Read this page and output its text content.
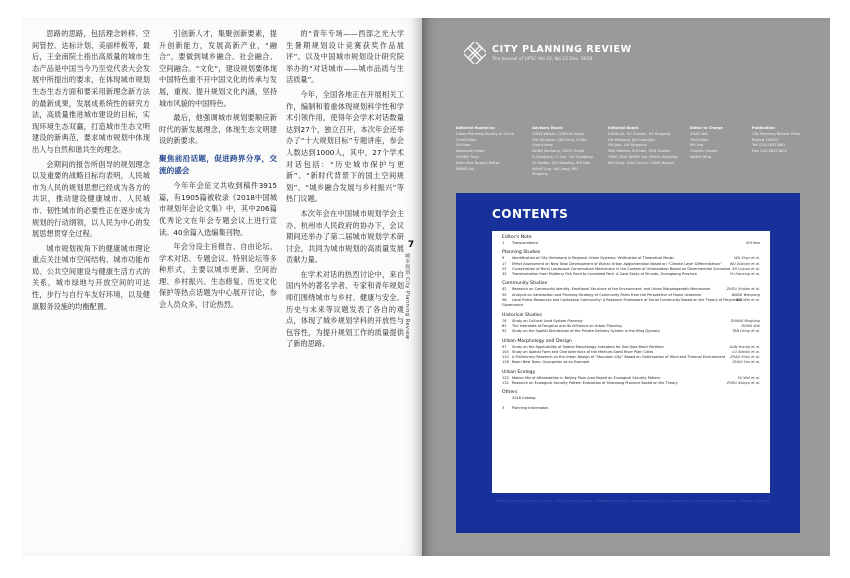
思路的思路，包括理念转移、空间管控、达标计划、美丽样板等，最后，王金南院士指出高质量的城市生态产品是中国当今乃至党代表大会发展中所提出的要求，在体现城市规划生态生态方面和要采用新理念新方法的最新成果，发展成系统性的研究方法，高质量推进城市建设的目标，实现环境生态双赢，打造城市生态文明建设的新典范，要求城市规划中体现出人与自然和谐共生的理念。

会期间的报告所倡导的规划理念以及重要的战略目标均表明，人民城市为人民的规划思想已经成为各方的共识，推动建设健康城市、人民城市、韧性城市的必要性正在逐步成为规划的行动纲领，以人民为中心的发展思想贯穿全过程。

城市规划视角下的健康城市理论重点关注城市空间结构、城市功能布局、公共空间建设与健康生活方式的关系，城市绿地与开放空间的可达性，步行与自行车友好环境，以及健康服务设施的均衡配置。

引创新人才，集聚创新要素，提升创新能力，发展高新产业，“融合”，要做到城乡融合、社会融合、空间融合。“文化”，建设规划要体现中国特色重不开中国文化的传承与发展，重视、提升规划文化内涵，坚持城市风貌的中国特色。

最后，他强调城市规划要顺应新时代的新发展理念，体现生态文明建设的新要求。

聚焦前沿话题，促进跨界分享，交流的盛会

今年年会征文共收到稿件3915篇，有1905篇被收录《2018中国城市规划年会论文集》中，其中206篇优秀论文在年会专题会议上进行宣读。40余篇入选编集刊物。

年会分设主旨报告、自由论坛、学术对话、专题会议、特别论坛等多种形式，主要以城市更新、空间治理、乡村振兴、生态修复、历史文化保护等热点话题为中心展开讨论，参会人员众多，讨论热烈。

的“青年专场——西部之光大学生暑期规划设计竞赛获奖作品展评”，以及中国城市规划设计研究院举办的“对话城市——城市品质与生活质量”。

今年，全国各地正在开展相关工作，编制和着重体现规划科学性和学术引领作用，使得年会学术对话数量达到27个，独立召开，本次年会还举办了“十大规划目标”专题讲座，参会人数达到1000人，其中，27个学术对话包括：“历史城市保护与更新”、“新时代背景下的国土空间规划”、“城乡融合发展与乡村振兴”等热门议题。

本次年会在中国城市规划学会主办、杭州市人民政府的协办下，会议期间还举办了第二届城市规划学术研讨会，共同为城市规划的高质量发展贡献力量。

在学术对话的热烈讨论中，来自国内外的著名学者、专家和青年规划师们围绕城市与乡村、健康与安全、历史与未来等议题发表了各自的观点，体现了城乡规划学科的开放性与包容性，为提升规划工作的质量提供了新的思路。

7
城市规划 City Planning Review
CITY PLANNING REVIEW
The Journal of UPSC Vol.42, No.12 Dec. 2018
Editorial Hosted by
Urban Planning Society of China
Chief Editor
SHI Nan
Associate Editor
ZHANG Tong
Executive Deputy Editor
WANG Kai
Advisory Board
CHEN Weixin, CHEN Xiuhong
CUI Gonghao, DAI Feng, DONG Guancheng
DONG Jianhong, GENG Yunjie
LI Xiaojiang, LI Xun, LIU Guoqiang
LU Dadao, QIU Baoxing, SHI Nan
WANG Jing, WU Jiang, WU Zhiqiang
Editorial Board
DUAN Jin, GU Chaolin, HE Xingxing
HU Weiliang, JIN Guangjun
LIN Jian, LIU Ningning
PAN Haixiao, SHI Nan, SUN Shiwen
TANG Zilai, WANG Kai, WANG Xingping
WU Kang, XIAO Jianxin, YANG Baojun
Editor in Charge
ZHAO Wei
Text Editor
MA Jing
Graphic Design
WANG Ming
Publication
City Planning Review Press
Beijing 100037
Tel: 010-58323861
Fax: 010-58323802
CONTENTS
Editor's Note
1 Transcendence	SHI Nan
Planning Studies
9 Identification of City Hinterland in Regional Urban Systems: Verification of Theoretical Model	WU Xinyi et al.
17 Effect Assessment on New Town Development of Wuhan Urban Agglomeration Based on “Climate Layer Differentiation” WU Xiaoqin et al.
25 Conservation of Rural Landscape Conservation Mechanism in the Context of Urbanization Based on Governmental Scenarios XU Liquan et al.
32 Transformation from Mulberry Fish Pond to Inundated Park: A Case Study of Shunde, Guangdong Province	YU Hanxing et al.
Community Studies
42 Research on Community Identity, Emotional Structure of the Environment, and Urban Morphogenetic Mechanism	ZHOU Xinjian et al.
50 Analysis on Satisfaction and Planning Strategy of Community Parks from the Perspective of Home Urbanism	WANG Wenjiang
56 Local Public Resources and Contextual Community: A Research Framework of Social Community Based on the Theory of Polycentric Governance
WEI Wei et al.
Historical Studies
76 Study on Cultural Land System Planning	ZHANG Bingbing
83 The Interstate of Fengshui and Its Influence on Urban Planning	DONG Wei
92 Study on the Spatial Distribution of the Private Delivery System in the Ming Dynasty	TAN Liting et al.
Urban Morphology and Design
97 Study on the Applicability of Spatial Morphology Indicators for Sub-Type Block Partition	GAN Yuxing et al.
104 Study on Spatial Form and Characteristics of the Medium-Sized River Plain Cities	LU Xiaobo et al.
110 A Preliminary Research on the Urban Design of “Mountain-City” Based on Optimization of Wind and Thermal Environment ZHAO Xinyi et al.
118 Basin New Town, Guangzhou as an Example	ZHAO Yan et al.
Urban Ecology
125 Motion Mix of Afforestation in Beijing Plain Area Based on Ecological Security Pattern	FU Wei et al.
132 Research on Ecological Security Pattern Evaluation of Shandong Province Based on the Theory	ZHOU Xiaoyu et al.
Others
2018 Catalog
3 Planning Information
Urban Planning Society of China · City Planning Review · Published monthly · Sponsored by China Association for Science and Technology · Printed in Beijing
